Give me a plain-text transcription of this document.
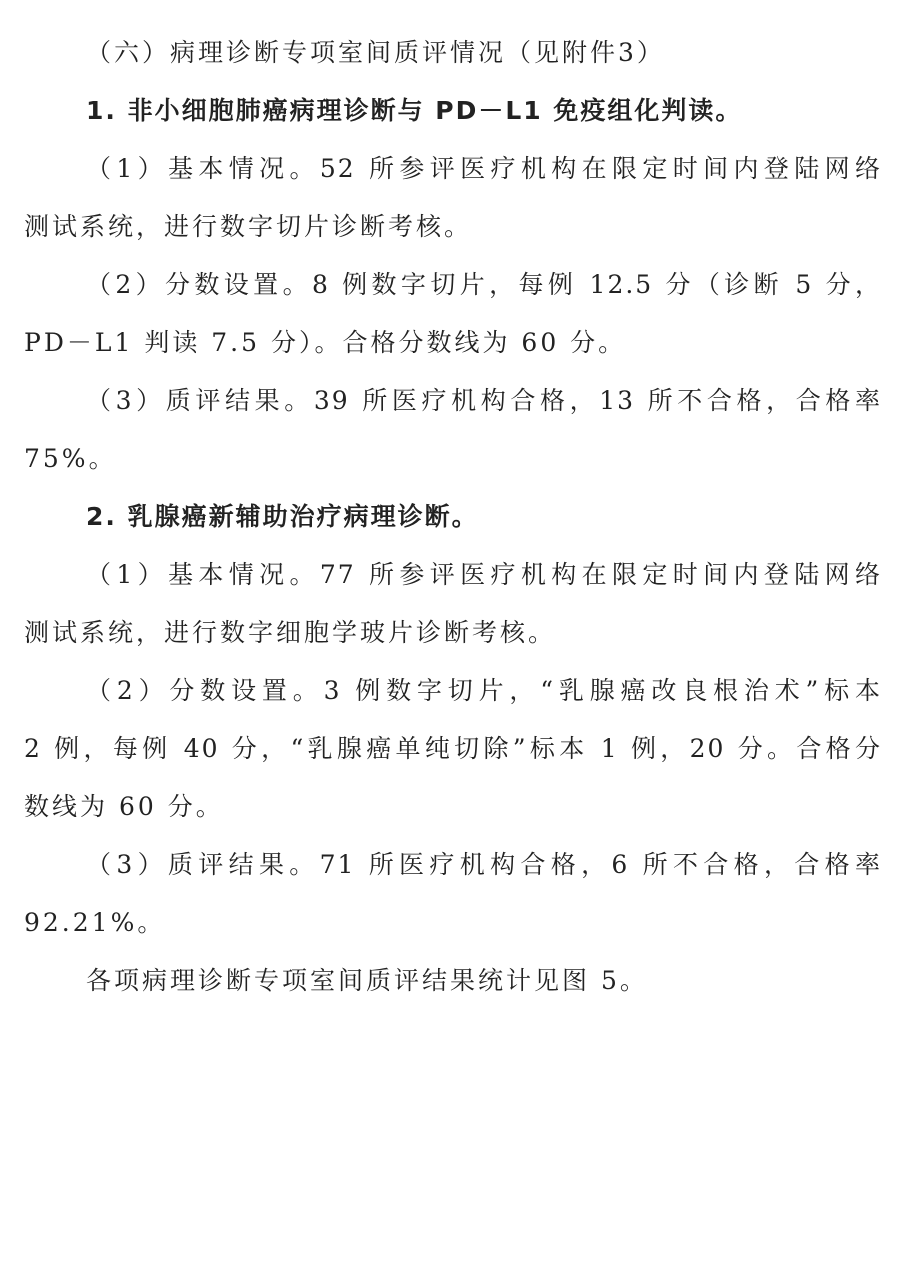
（六）病理诊断专项室间质评情况（见附件3）
1. 非小细胞肺癌病理诊断与 PD－L1 免疫组化判读。
（1）基本情况。52 所参评医疗机构在限定时间内登陆网络
测试系统，进行数字切片诊断考核。
（2）分数设置。8 例数字切片，每例 12.5 分（诊断 5 分，
PD－L1 判读 7.5 分）。合格分数线为 60 分。
（3）质评结果。39 所医疗机构合格，13 所不合格，合格率
75%。
2. 乳腺癌新辅助治疗病理诊断。
（1）基本情况。77 所参评医疗机构在限定时间内登陆网络
测试系统，进行数字细胞学玻片诊断考核。
（2）分数设置。3 例数字切片，“乳腺癌改良根治术”标本
2 例，每例 40 分，“乳腺癌单纯切除”标本 1 例，20 分。合格分
数线为 60 分。
（3）质评结果。71 所医疗机构合格，6 所不合格，合格率
92.21%。
各项病理诊断专项室间质评结果统计见图 5。
